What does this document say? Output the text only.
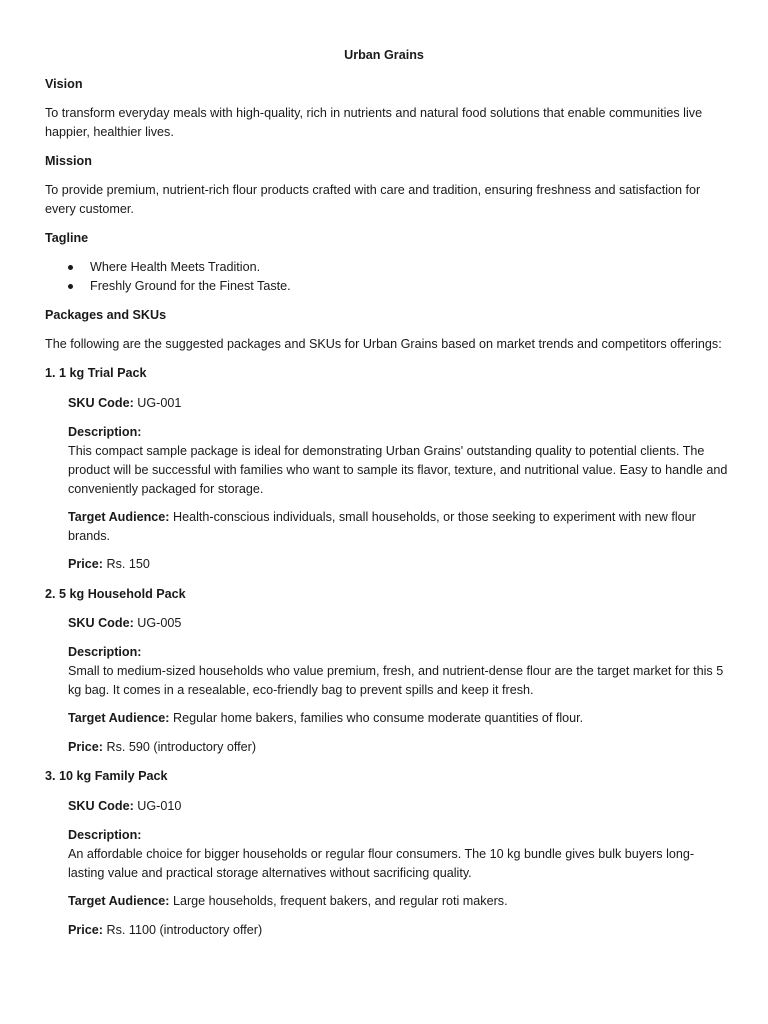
Urban Grains

Vision

To transform everyday meals with high-quality, rich in nutrients and natural food solutions that enable communities live happier, healthier lives.

Mission

To provide premium, nutrient-rich flour products crafted with care and tradition, ensuring freshness and satisfaction for every customer.

Tagline

Where Health Meets Tradition.
Freshly Ground for the Finest Taste.

Packages and SKUs

The following are the suggested packages and SKUs for Urban Grains based on market trends and competitors offerings:

1. 1 kg Trial Pack

SKU Code: UG-001

Description:

This compact sample package is ideal for demonstrating Urban Grains' outstanding quality to potential clients. The product will be successful with families who want to sample its flavor, texture, and nutritional value. Easy to handle and conveniently packaged for storage.

Target Audience: Health-conscious individuals, small households, or those seeking to experiment with new flour brands.

Price: Rs. 150

2. 5 kg Household Pack

SKU Code: UG-005

Description:

Small to medium-sized households who value premium, fresh, and nutrient-dense flour are the target market for this 5 kg bag. It comes in a resealable, eco-friendly bag to prevent spills and keep it fresh.

Target Audience: Regular home bakers, families who consume moderate quantities of flour.

Price: Rs. 590 (introductory offer)

3. 10 kg Family Pack

SKU Code: UG-010

Description:

An affordable choice for bigger households or regular flour consumers. The 10 kg bundle gives bulk buyers long-lasting value and practical storage alternatives without sacrificing quality.

Target Audience: Large households, frequent bakers, and regular roti makers.

Price: Rs. 1100 (introductory offer)
